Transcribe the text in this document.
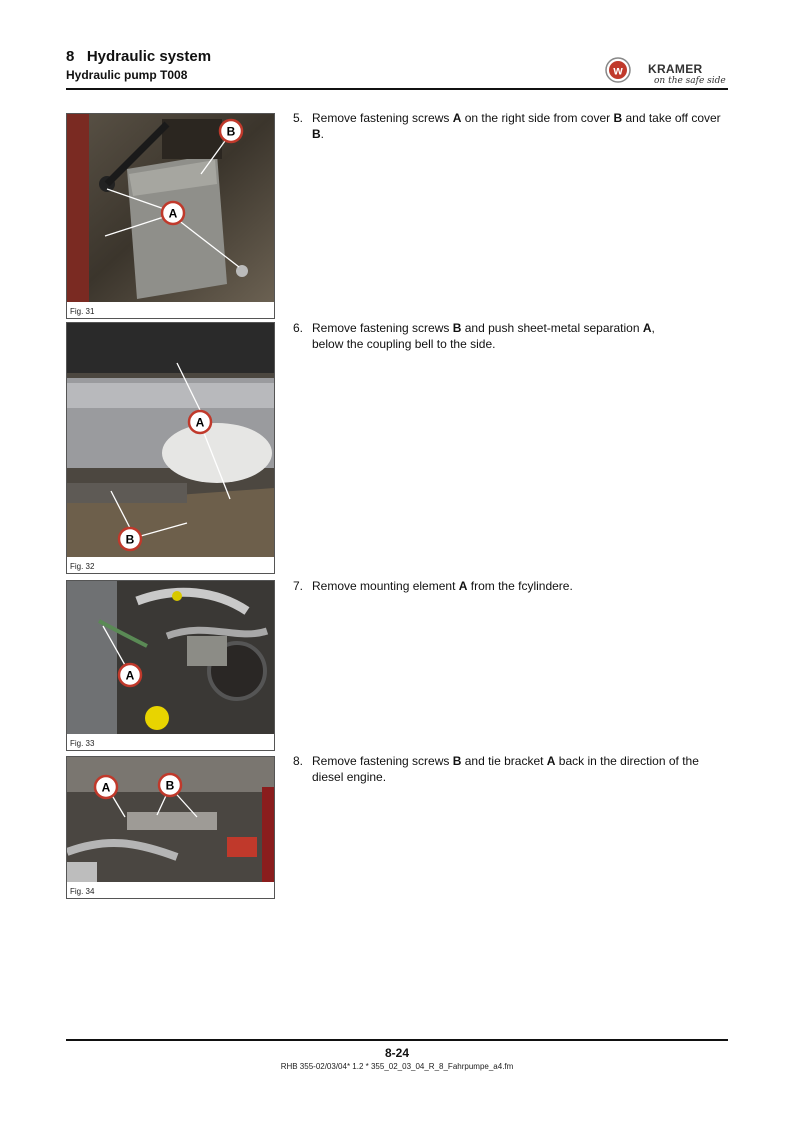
8   Hydraulic system
Hydraulic pump T008	w KRAMER
on the safe side
A
B
Fig. 31
A
B
Fig. 32
A
Fig. 33
A	B
Fig. 34
5. Remove fastening screws A on the right side from cover B and take off cover B.
6. Remove fastening screws B and push sheet-metal separation A,
below the coupling bell to the side.
7. Remove mounting element A from the fcylindere.
8. Remove fastening screws B and tie bracket A back in the direction of the diesel engine.
8-24
RHB 355-02/03/04* 1.2 * 355_02_03_04_R_8_Fahrpumpe_a4.fm
